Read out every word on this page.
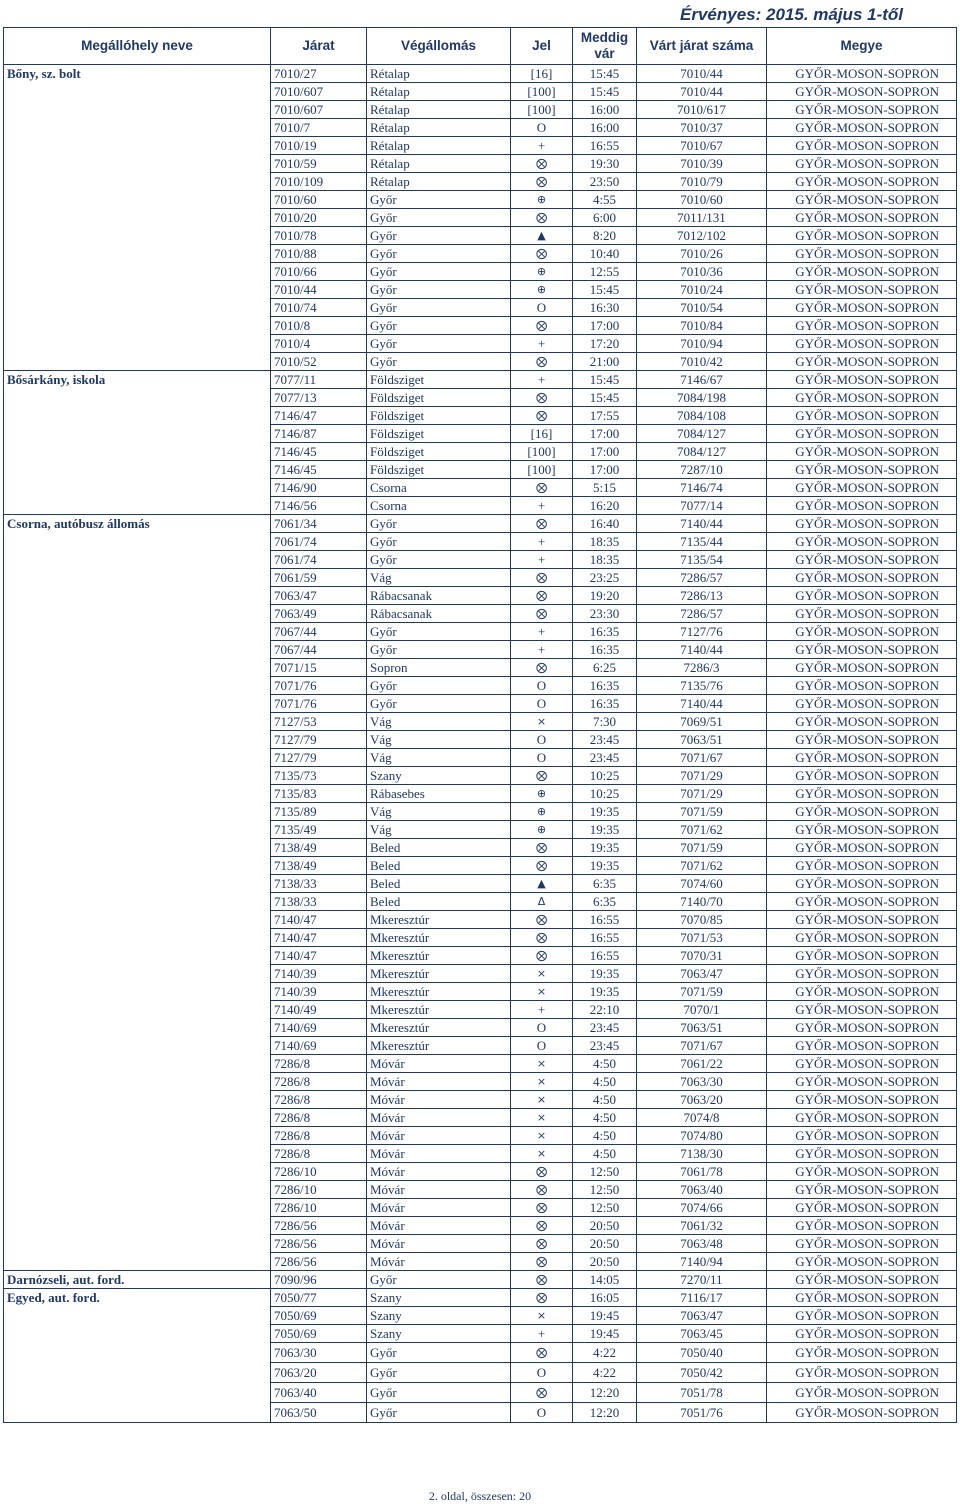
Érvényes: 2015. május 1-től
Megállóhely neve	Járat	Végállomás	Jel	Meddig
vár	Várt járat száma	Megye
Bőny, sz. bolt	7010/27	Rétalap	[16]	15:45	7010/44	GYŐR-MOSON-SOPRON
	7010/607	Rétalap	[100]	15:45	7010/44	GYŐR-MOSON-SOPRON
	7010/607	Rétalap	[100]	16:00	7010/617	GYŐR-MOSON-SOPRON
	7010/7	Rétalap	O	16:00	7010/37	GYŐR-MOSON-SOPRON
	7010/19	Rétalap	+	16:55	7010/67	GYŐR-MOSON-SOPRON
	7010/59	Rétalap	⨂	19:30	7010/39	GYŐR-MOSON-SOPRON
	7010/109	Rétalap	⨂	23:50	7010/79	GYŐR-MOSON-SOPRON
	7010/60	Győr	⊕	4:55	7010/60	GYŐR-MOSON-SOPRON
	7010/20	Győr	⨂	6:00	7011/131	GYŐR-MOSON-SOPRON
	7010/78	Győr	▲	8:20	7012/102	GYŐR-MOSON-SOPRON
	7010/88	Győr	⨂	10:40	7010/26	GYŐR-MOSON-SOPRON
	7010/66	Győr	⊕	12:55	7010/36	GYŐR-MOSON-SOPRON
	7010/44	Győr	⊕	15:45	7010/24	GYŐR-MOSON-SOPRON
	7010/74	Győr	O	16:30	7010/54	GYŐR-MOSON-SOPRON
	7010/8	Győr	⨂	17:00	7010/84	GYŐR-MOSON-SOPRON
	7010/4	Győr	+	17:20	7010/94	GYŐR-MOSON-SOPRON
	7010/52	Győr	⨂	21:00	7010/42	GYŐR-MOSON-SOPRON
Bősárkány, iskola	7077/11	Földsziget	+	15:45	7146/67	GYŐR-MOSON-SOPRON
	7077/13	Földsziget	⨂	15:45	7084/198	GYŐR-MOSON-SOPRON
	7146/47	Földsziget	⨂	17:55	7084/108	GYŐR-MOSON-SOPRON
	7146/87	Földsziget	[16]	17:00	7084/127	GYŐR-MOSON-SOPRON
	7146/45	Földsziget	[100]	17:00	7084/127	GYŐR-MOSON-SOPRON
	7146/45	Földsziget	[100]	17:00	7287/10	GYŐR-MOSON-SOPRON
	7146/90	Csorna	⨂	5:15	7146/74	GYŐR-MOSON-SOPRON
	7146/56	Csorna	+	16:20	7077/14	GYŐR-MOSON-SOPRON
Csorna, autóbusz állomás	7061/34	Győr	⨂	16:40	7140/44	GYŐR-MOSON-SOPRON
	7061/74	Győr	+	18:35	7135/44	GYŐR-MOSON-SOPRON
	7061/74	Győr	+	18:35	7135/54	GYŐR-MOSON-SOPRON
	7061/59	Vág	⨂	23:25	7286/57	GYŐR-MOSON-SOPRON
	7063/47	Rábacsanak	⨂	19:20	7286/13	GYŐR-MOSON-SOPRON
	7063/49	Rábacsanak	⨂	23:30	7286/57	GYŐR-MOSON-SOPRON
	7067/44	Győr	+	16:35	7127/76	GYŐR-MOSON-SOPRON
	7067/44	Győr	+	16:35	7140/44	GYŐR-MOSON-SOPRON
	7071/15	Sopron	⨂	6:25	7286/3	GYŐR-MOSON-SOPRON
	7071/76	Győr	O	16:35	7135/76	GYŐR-MOSON-SOPRON
	7071/76	Győr	O	16:35	7140/44	GYŐR-MOSON-SOPRON
	7127/53	Vág	×	7:30	7069/51	GYŐR-MOSON-SOPRON
	7127/79	Vág	O	23:45	7063/51	GYŐR-MOSON-SOPRON
	7127/79	Vág	O	23:45	7071/67	GYŐR-MOSON-SOPRON
	7135/73	Szany	⨂	10:25	7071/29	GYŐR-MOSON-SOPRON
	7135/83	Rábasebes	⊕	10:25	7071/29	GYŐR-MOSON-SOPRON
	7135/89	Vág	⊕	19:35	7071/59	GYŐR-MOSON-SOPRON
	7135/49	Vág	⊕	19:35	7071/62	GYŐR-MOSON-SOPRON
	7138/49	Beled	⨂	19:35	7071/59	GYŐR-MOSON-SOPRON
	7138/49	Beled	⨂	19:35	7071/62	GYŐR-MOSON-SOPRON
	7138/33	Beled	▲	6:35	7074/60	GYŐR-MOSON-SOPRON
	7138/33	Beled	Δ	6:35	7140/70	GYŐR-MOSON-SOPRON
	7140/47	Mkeresztúr	⨂	16:55	7070/85	GYŐR-MOSON-SOPRON
	7140/47	Mkeresztúr	⨂	16:55	7071/53	GYŐR-MOSON-SOPRON
	7140/47	Mkeresztúr	⨂	16:55	7070/31	GYŐR-MOSON-SOPRON
	7140/39	Mkeresztúr	×	19:35	7063/47	GYŐR-MOSON-SOPRON
	7140/39	Mkeresztúr	×	19:35	7071/59	GYŐR-MOSON-SOPRON
	7140/49	Mkeresztúr	+	22:10	7070/1	GYŐR-MOSON-SOPRON
	7140/69	Mkeresztúr	O	23:45	7063/51	GYŐR-MOSON-SOPRON
	7140/69	Mkeresztúr	O	23:45	7071/67	GYŐR-MOSON-SOPRON
	7286/8	Móvár	×	4:50	7061/22	GYŐR-MOSON-SOPRON
	7286/8	Móvár	×	4:50	7063/30	GYŐR-MOSON-SOPRON
	7286/8	Móvár	×	4:50	7063/20	GYŐR-MOSON-SOPRON
	7286/8	Móvár	×	4:50	7074/8	GYŐR-MOSON-SOPRON
	7286/8	Móvár	×	4:50	7074/80	GYŐR-MOSON-SOPRON
	7286/8	Móvár	×	4:50	7138/30	GYŐR-MOSON-SOPRON
	7286/10	Móvár	⨂	12:50	7061/78	GYŐR-MOSON-SOPRON
	7286/10	Móvár	⨂	12:50	7063/40	GYŐR-MOSON-SOPRON
	7286/10	Móvár	⨂	12:50	7074/66	GYŐR-MOSON-SOPRON
	7286/56	Móvár	⨂	20:50	7061/32	GYŐR-MOSON-SOPRON
	7286/56	Móvár	⨂	20:50	7063/48	GYŐR-MOSON-SOPRON
	7286/56	Móvár	⨂	20:50	7140/94	GYŐR-MOSON-SOPRON
Darnózseli, aut. ford.	7090/96	Győr	⨂	14:05	7270/11	GYŐR-MOSON-SOPRON
Egyed, aut. ford.	7050/77	Szany	⨂	16:05	7116/17	GYŐR-MOSON-SOPRON
	7050/69	Szany	×	19:45	7063/47	GYŐR-MOSON-SOPRON
	7050/69	Szany	+	19:45	7063/45	GYŐR-MOSON-SOPRON
	7063/30	Győr	⨂	4:22	7050/40	GYŐR-MOSON-SOPRON
	7063/20	Győr	O	4:22	7050/42	GYŐR-MOSON-SOPRON
	7063/40	Győr	⨂	12:20	7051/78	GYŐR-MOSON-SOPRON
	7063/50	Győr	O	12:20	7051/76	GYŐR-MOSON-SOPRON
2. oldal, összesen: 20
